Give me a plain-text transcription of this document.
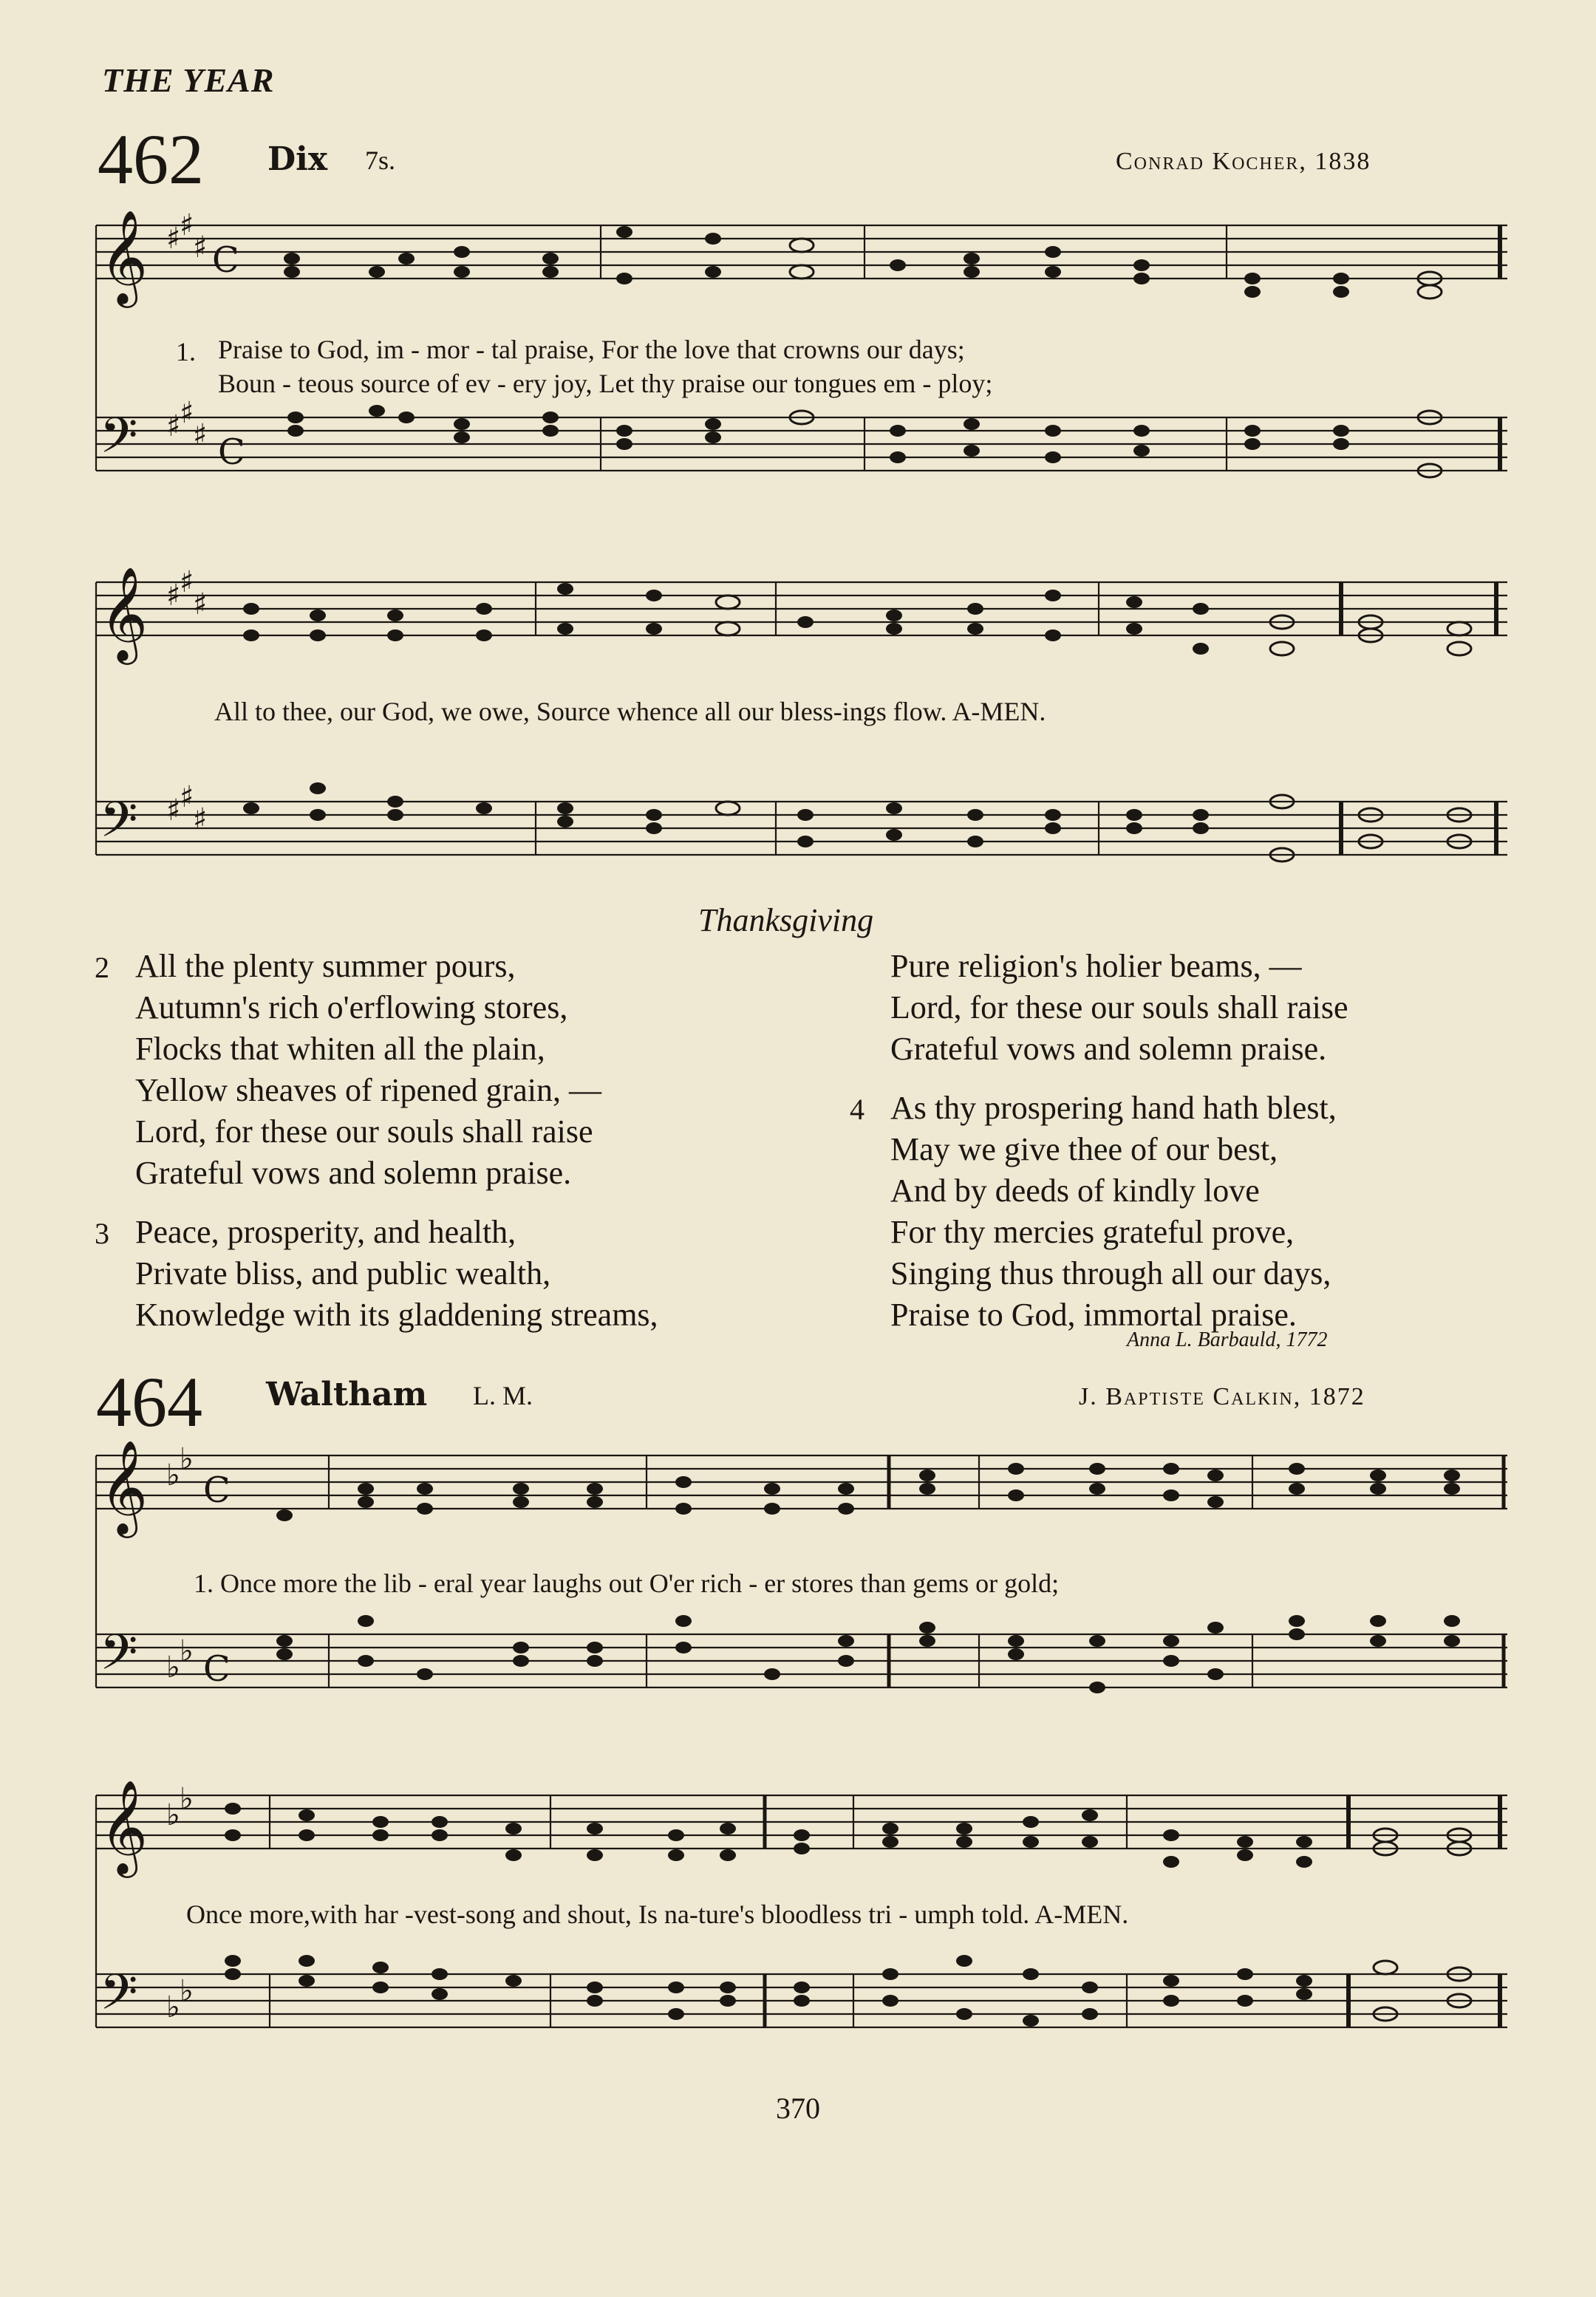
THE YEAR
462 Dix 7s.	Conrad Kocher, 1838
𝄞
𝄢
♯
♯
♯
♯
♯
♯
C
C
1. Praise to God, im - mor - tal praise, For the love that crowns our days;
Boun - teous source of ev - ery joy, Let thy praise our tongues em - ploy;
𝄞
𝄢
♯
♯
♯
♯
♯
♯
All to thee, our God, we owe, Source whence all our bless-ings flow. A-MEN.
Thanksgiving
2 All the plenty summer pours,
Autumn's rich o'erflowing stores,
Flocks that whiten all the plain,
Yellow sheaves of ripened grain, —
Lord, for these our souls shall raise
Grateful vows and solemn praise.
3 Peace, prosperity, and health,
Private bliss, and public wealth,
Knowledge with its gladdening streams,
Pure religion's holier beams, —
Lord, for these our souls shall raise
Grateful vows and solemn praise.
4 As thy prospering hand hath blest,
May we give thee of our best,
And by deeds of kindly love
For thy mercies grateful prove,
Singing thus through all our days,
Praise to God, immortal praise.
Anna L. Barbauld, 1772
464 Waltham L. M.	J. Baptiste Calkin, 1872
𝄞
𝄢
♭ ♭
♭ ♭
C
C
1. Once more the lib - eral year laughs out O'er rich - er stores than gems or gold;
𝄞
𝄢
♭ ♭
♭ ♭
Once more,with har -vest-song and shout, Is na-ture's bloodless tri - umph told. A-MEN.
370
